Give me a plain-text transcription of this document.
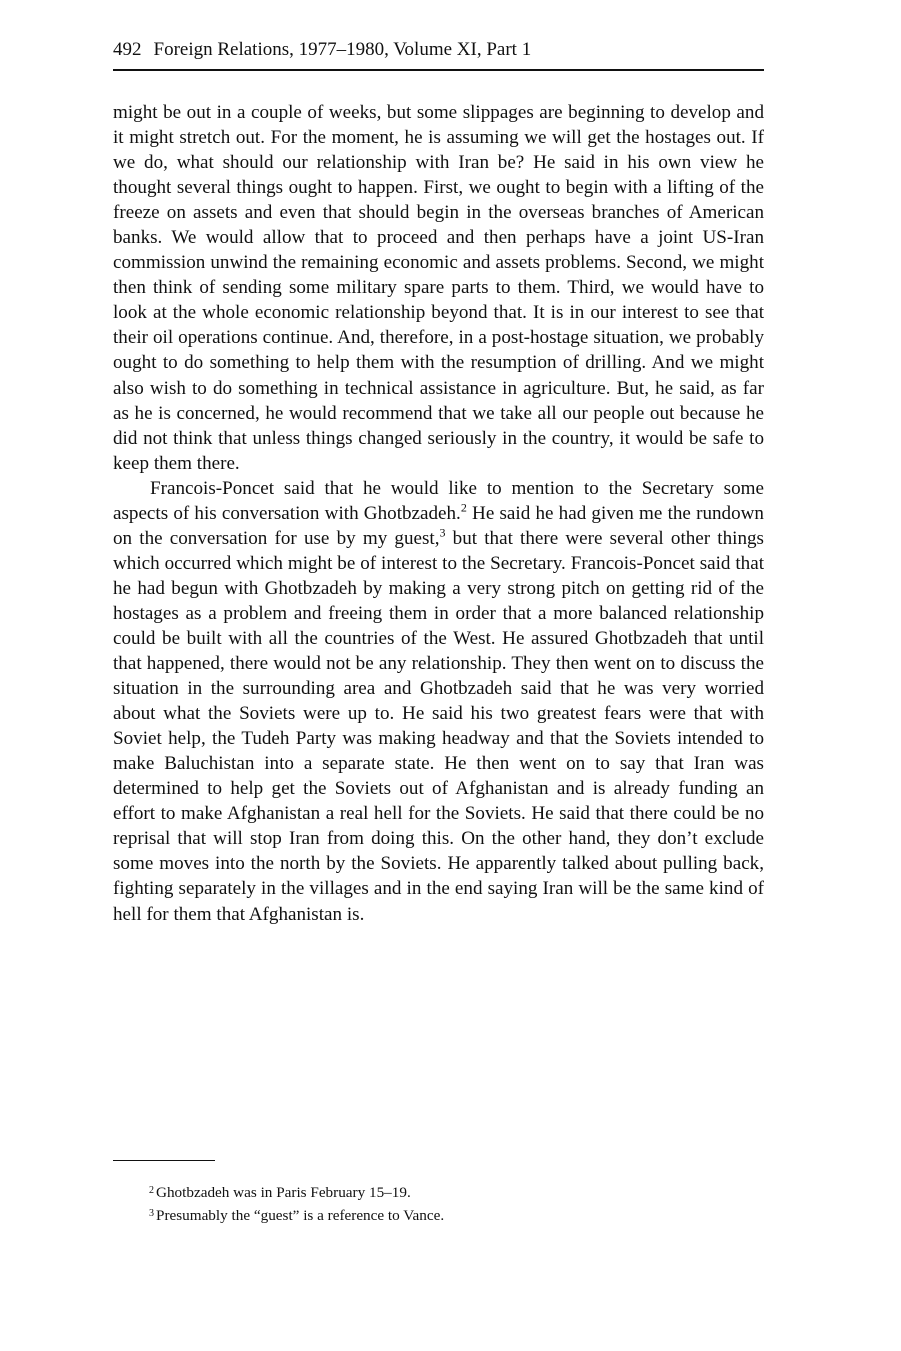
492 Foreign Relations, 1977–1980, Volume XI, Part 1

might be out in a couple of weeks, but some slippages are beginning to develop and it might stretch out. For the moment, he is assuming we will get the hostages out. If we do, what should our relationship with Iran be? He said in his own view he thought several things ought to happen. First, we ought to begin with a lifting of the freeze on assets and even that should begin in the overseas branches of American banks. We would allow that to proceed and then perhaps have a joint US-Iran commission unwind the remaining economic and assets problems. Second, we might then think of sending some military spare parts to them. Third, we would have to look at the whole economic relationship beyond that. It is in our interest to see that their oil operations continue. And, therefore, in a post-hostage situation, we probably ought to do something to help them with the resumption of drilling. And we might also wish to do something in technical assistance in agriculture. But, he said, as far as he is concerned, he would recommend that we take all our people out because he did not think that unless things changed seriously in the country, it would be safe to keep them there.

Francois-Poncet said that he would like to mention to the Secretary some aspects of his conversation with Ghotbzadeh.$^2$ He said he had given me the rundown on the conversation for use by my guest,$^3$ but that there were several other things which occurred which might be of interest to the Secretary. Francois-Poncet said that he had begun with Ghotbzadeh by making a very strong pitch on getting rid of the hostages as a problem and freeing them in order that a more balanced relationship could be built with all the countries of the West. He assured Ghotbzadeh that until that happened, there would not be any relationship. They then went on to discuss the situation in the surrounding area and Ghotbzadeh said that he was very worried about what the Soviets were up to. He said his two greatest fears were that with Soviet help, the Tudeh Party was making headway and that the Soviets intended to make Baluchistan into a separate state. He then went on to say that Iran was determined to help get the Soviets out of Afghanistan and is already funding an effort to make Afghanistan a real hell for the Soviets. He said that there could be no reprisal that will stop Iran from doing this. On the other hand, they don’t exclude some moves into the north by the Soviets. He apparently talked about pulling back, fighting separately in the villages and in the end saying Iran will be the same kind of hell for them that Afghanistan is.

$^2$ Ghotbzadeh was in Paris February 15–19.

$^3$ Presumably the “guest” is a reference to Vance.
